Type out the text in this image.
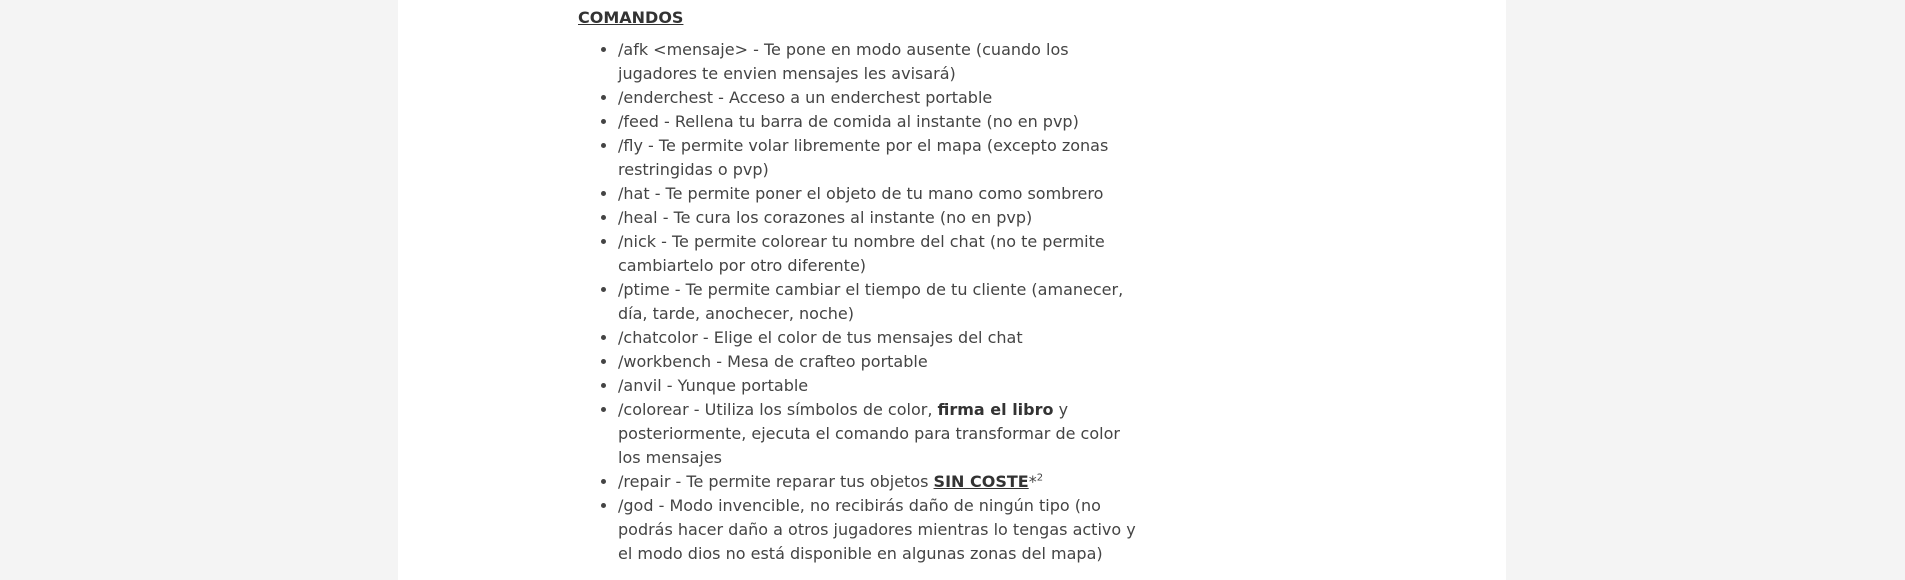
COMANDOS
• /afk <mensaje> - Te pone en modo ausente (cuando los jugadores te envien mensajes les avisará)
• /enderchest - Acceso a un enderchest portable
• /feed - Rellena tu barra de comida al instante (no en pvp)
• /fly - Te permite volar libremente por el mapa (excepto zonas restringidas o pvp)
• /hat - Te permite poner el objeto de tu mano como sombrero
• /heal - Te cura los corazones al instante (no en pvp)
• /nick - Te permite colorear tu nombre del chat (no te permite cambiartelo por otro diferente)
• /ptime - Te permite cambiar el tiempo de tu cliente (amanecer, día, tarde, anochecer, noche)
• /chatcolor - Elige el color de tus mensajes del chat
• /workbench - Mesa de crafteo portable
• /anvil - Yunque portable
• /colorear - Utiliza los símbolos de color, firma el libro y posteriormente, ejecuta el comando para transformar de color los mensajes
• /repair - Te permite reparar tus objetos SIN COSTE*$^2$
• /god - Modo invencible, no recibirás daño de ningún tipo (no podrás hacer daño a otros jugadores mientras lo tengas activo y el modo dios no está disponible en algunas zonas del mapa)
